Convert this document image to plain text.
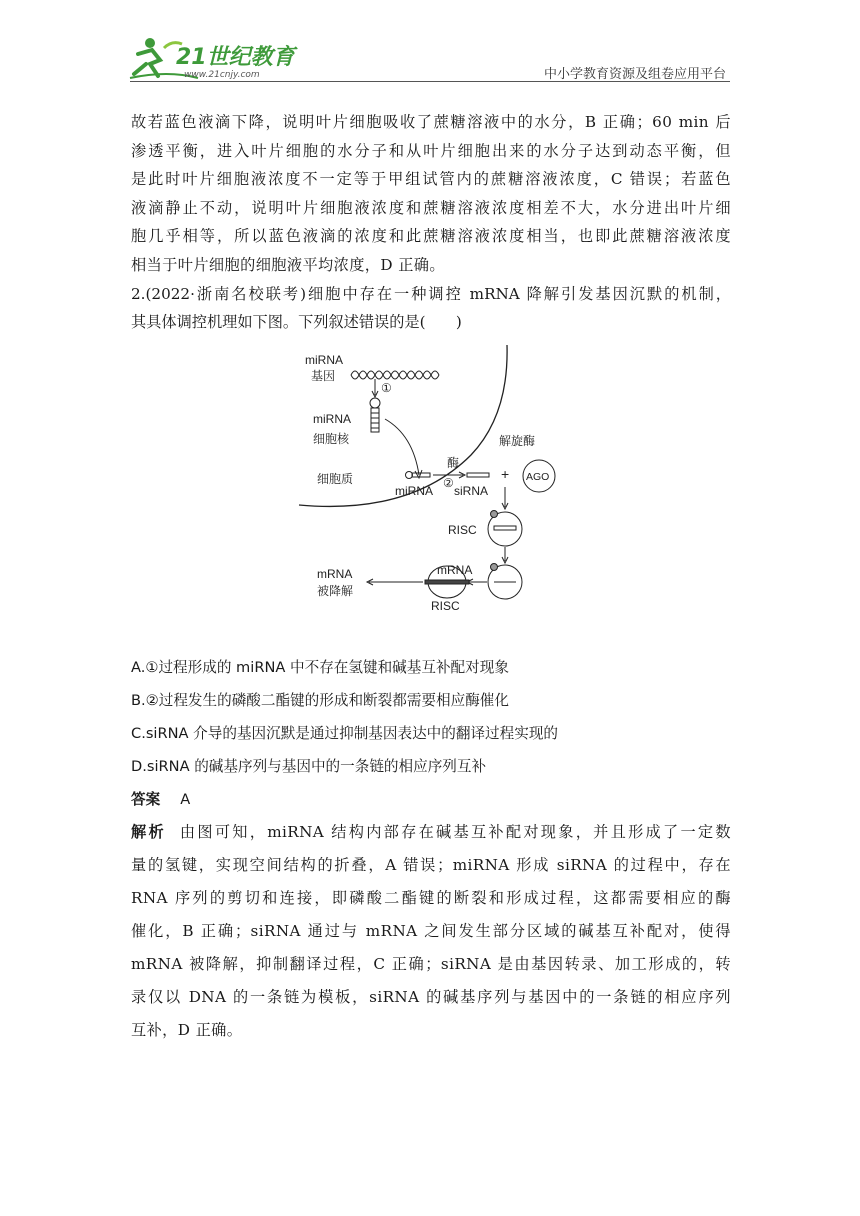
21世纪教育
www.21cnjy.com	中小学教育资源及组卷应用平台

故若蓝色液滴下降，说明叶片细胞吸收了蔗糖溶液中的水分，B 正确；60 min 后
渗透平衡，进入叶片细胞的水分子和从叶片细胞出来的水分子达到动态平衡，但
是此时叶片细胞液浓度不一定等于甲组试管内的蔗糖溶液浓度，C 错误；若蓝色
液滴静止不动，说明叶片细胞液浓度和蔗糖溶液浓度相差不大，水分进出叶片细
胞几乎相等，所以蓝色液滴的浓度和此蔗糖溶液浓度相当，也即此蔗糖溶液浓度
相当于叶片细胞的细胞液平均浓度，D 正确。

2.(2022·浙南名校联考)细胞中存在一种调控 mRNA 降解引发基因沉默的机制，
其具体调控机理如下图。下列叙述错误的是(　　)

miRNA
基因
①
miRNA
细胞核
细胞质
酶
②
miRNA siRNA
+
解旋酶
AGO
RISC
mRNA
RISC
mRNA
被降解
A.①过程形成的 miRNA 中不存在氢键和碱基互补配对现象
B.②过程发生的磷酸二酯键的形成和断裂都需要相应酶催化
C.siRNA 介导的基因沉默是通过抑制基因表达中的翻译过程实现的
D.siRNA 的碱基序列与基因中的一条链的相应序列互补
答案 A

解析 由图可知，miRNA 结构内部存在碱基互补配对现象，并且形成了一定数
量的氢键，实现空间结构的折叠，A 错误；miRNA 形成 siRNA 的过程中，存在
RNA 序列的剪切和连接，即磷酸二酯键的断裂和形成过程，这都需要相应的酶
催化，B 正确；siRNA 通过与 mRNA 之间发生部分区域的碱基互补配对，使得
mRNA 被降解，抑制翻译过程，C 正确；siRNA 是由基因转录、加工形成的，转
录仅以 DNA 的一条链为模板，siRNA 的碱基序列与基因中的一条链的相应序列
互补，D 正确。
